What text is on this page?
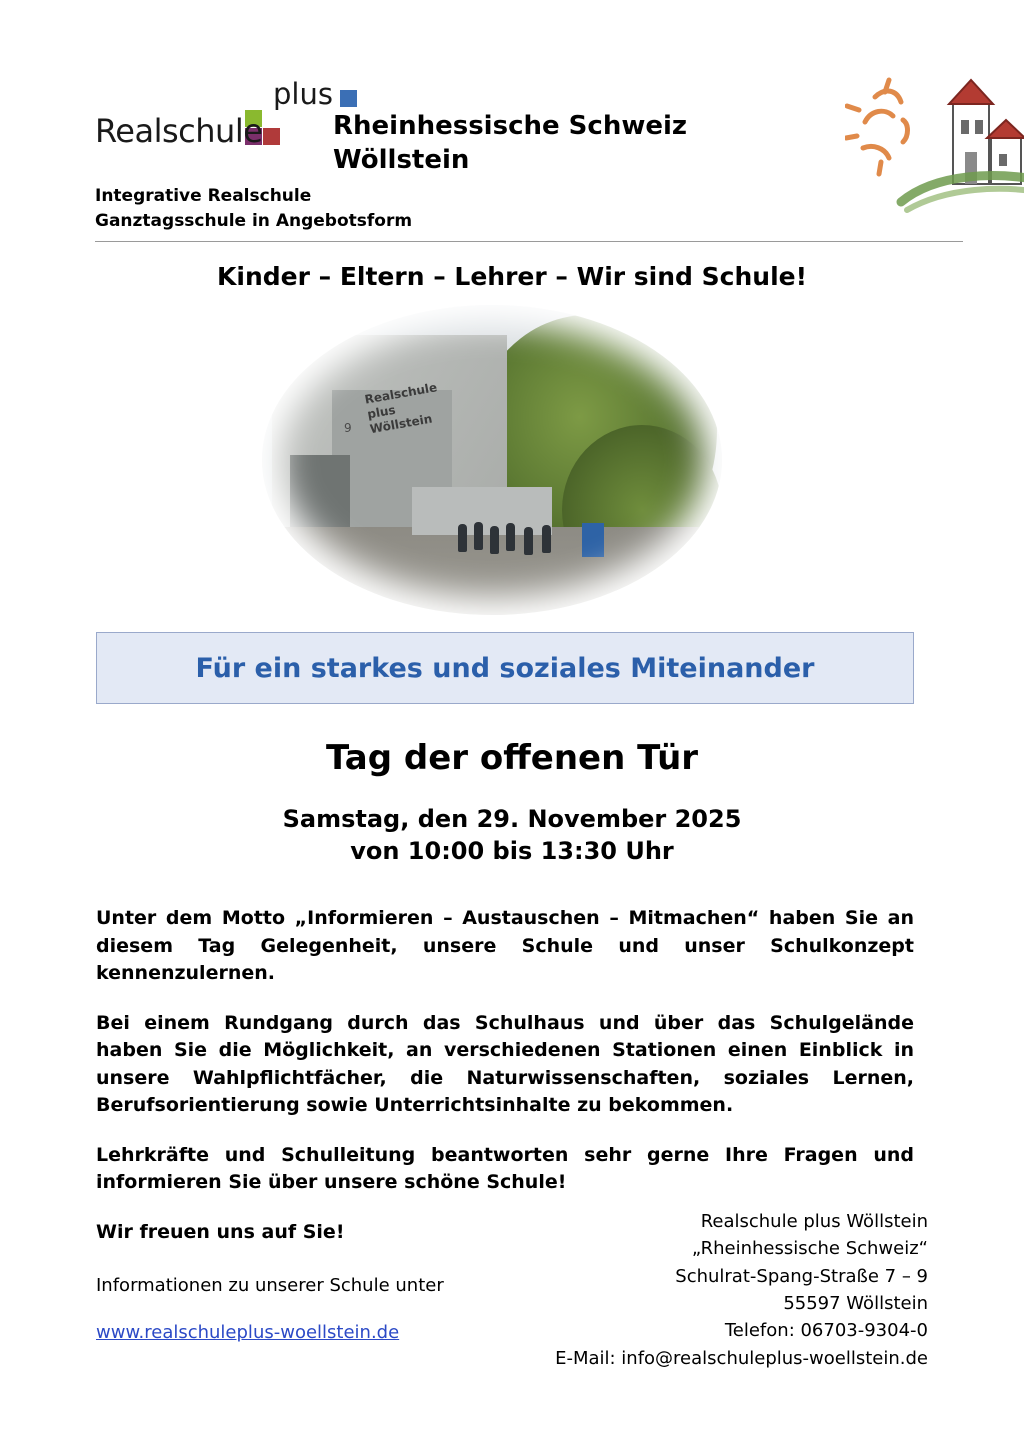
Realschule
plus
Rheinhessische Schweiz
Wöllstein
Integrative Realschule
Ganztagsschule in Angebotsform
Kinder – Eltern – Lehrer – Wir sind Schule!
9
Realschule plus Wöllstein
Für ein starkes und soziales Miteinander
Tag der offenen Tür
Samstag, den 29. November 2025
von 10:00 bis 13:30 Uhr

Unter dem Motto „Informieren – Austauschen – Mitmachen“ haben Sie an diesem Tag Gelegenheit, unsere Schule und unser Schulkonzept kennenzulernen.

Bei einem Rundgang durch das Schulhaus und über das Schulgelände haben Sie die Möglichkeit, an verschiedenen Stationen einen Einblick in unsere Wahlpflichtfächer, die Naturwissenschaften, soziales Lernen, Berufsorientierung sowie Unterrichtsinhalte zu bekommen.

Lehrkräfte und Schulleitung beantworten sehr gerne Ihre Fragen und informieren Sie über unsere schöne Schule!

Wir freuen uns auf Sie!

Informationen zu unserer Schule unter
www.realschuleplus-woellstein.de
Realschule plus Wöllstein
„Rheinhessische Schweiz“
Schulrat-Spang-Straße 7 – 9
55597 Wöllstein
Telefon: 06703-9304-0
E-Mail: info@realschuleplus-woellstein.de
